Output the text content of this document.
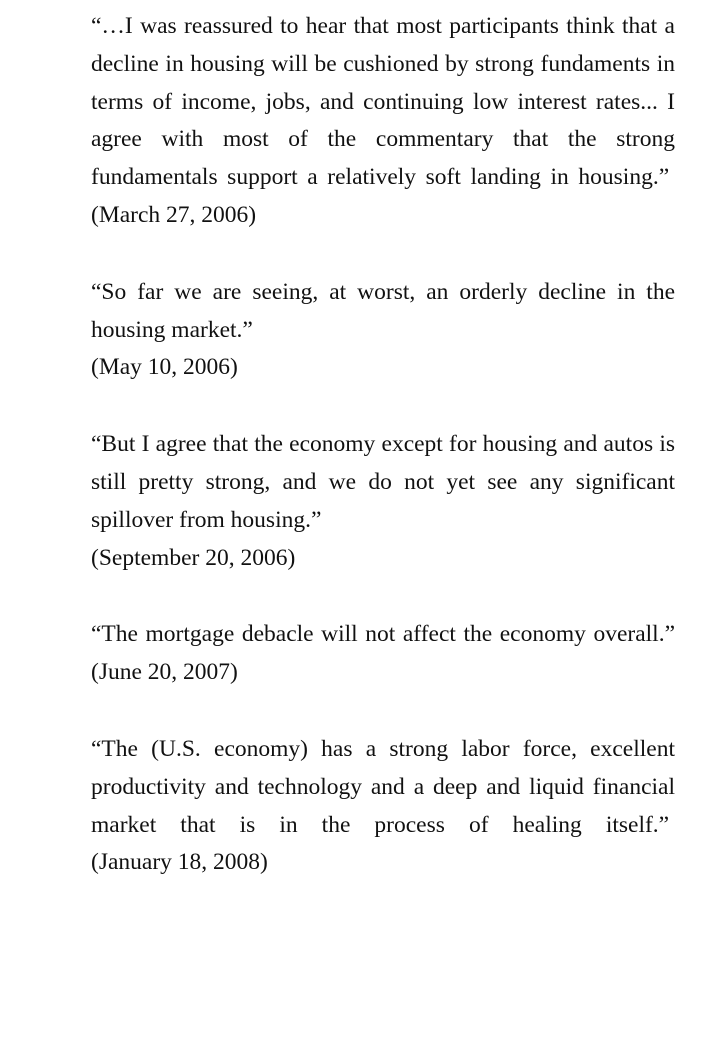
“…I was reassured to hear that most participants think that a decline in housing will be cushioned by strong fundaments in terms of income, jobs, and continuing low interest rates... I agree with most of the commentary that the strong fundamentals support a relatively soft landing in housing.”  (March 27, 2006)
“So far we are seeing, at worst, an orderly decline in the housing market.”
(May 10, 2006)
“But I agree that the economy except for housing and autos is still pretty strong, and we do not yet see any significant spillover from housing.”
(September 20, 2006)
“The mortgage debacle will not affect the economy overall.” (June 20, 2007)
“The (U.S. economy) has a strong labor force, excellent productivity and technology and a deep and liquid financial market that is in the process of healing itself.”  (January 18, 2008)
